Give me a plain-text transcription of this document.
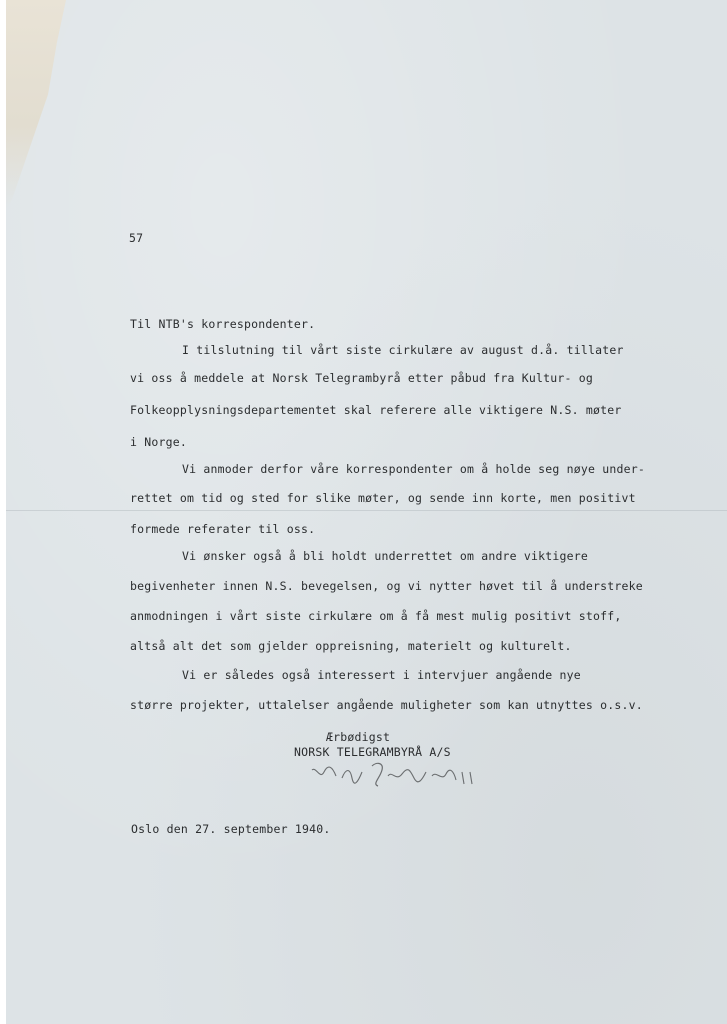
57
Til NTB's korrespondenter.
I tilslutning til vårt siste cirkulære av august d.å. tillater
vi oss å meddele at Norsk Telegrambyrå etter påbud fra Kultur- og
Folkeopplysningsdepartementet skal referere alle viktigere N.S. møter
i Norge.
Vi anmoder derfor våre korrespondenter om å holde seg nøye under-
rettet om tid og sted for slike møter, og sende inn korte, men positivt
formede referater til oss.
Vi ønsker også å bli holdt underrettet om andre viktigere
begivenheter innen N.S. bevegelsen, og vi nytter høvet til å understreke
anmodningen i vårt siste cirkulære om å få mest mulig positivt stoff,
altså alt det som gjelder oppreisning, materielt og kulturelt.
Vi er således også interessert i intervjuer angående nye
større projekter, uttalelser angående muligheter som kan utnyttes o.s.v.
Ærbødigst
NORSK TELEGRAMBYRÅ A/S
Oslo den 27. september 1940.
